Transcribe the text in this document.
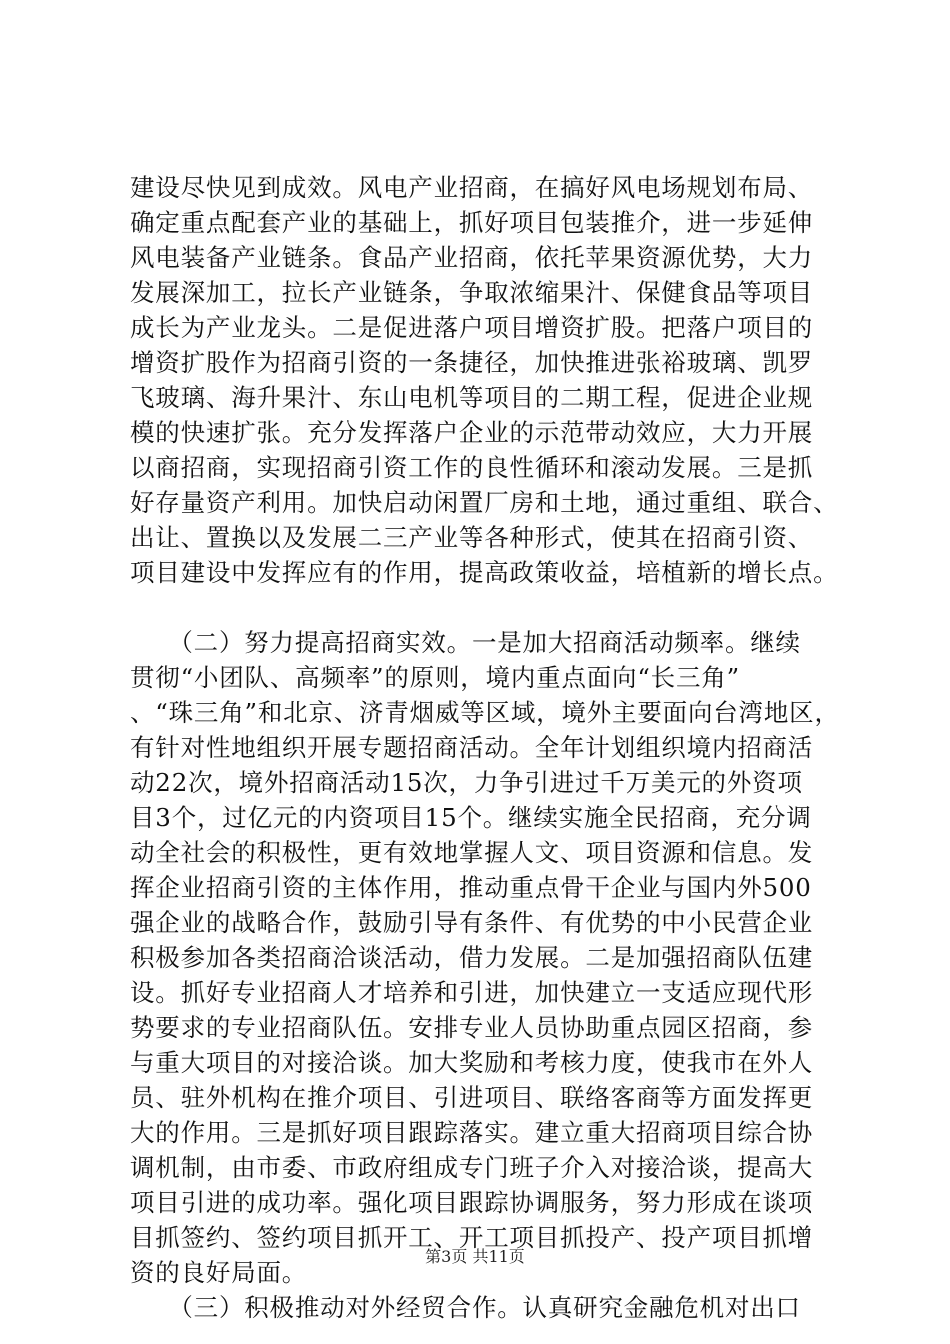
建设尽快见到成效。风电产业招商，在搞好风电场规划布局、
确定重点配套产业的基础上，抓好项目包装推介，进一步延伸
风电装备产业链条。食品产业招商，依托苹果资源优势，大力
发展深加工，拉长产业链条，争取浓缩果汁、保健食品等项目
成长为产业龙头。二是促进落户项目增资扩股。把落户项目的
增资扩股作为招商引资的一条捷径，加快推进张裕玻璃、凯罗
飞玻璃、海升果汁、东山电机等项目的二期工程，促进企业规
模的快速扩张。充分发挥落户企业的示范带动效应，大力开展
以商招商，实现招商引资工作的良性循环和滚动发展。三是抓
好存量资产利用。加快启动闲置厂房和土地，通过重组、联合、
出让、置换以及发展二三产业等各种形式，使其在招商引资、
项目建设中发挥应有的作用，提高政策收益，培植新的增长点。
　　（二）努力提高招商实效。一是加大招商活动频率。继续
贯彻“小团队、高频率”的原则，境内重点面向“长三角”
、“珠三角”和北京、济青烟威等区域，境外主要面向台湾地区，
有针对性地组织开展专题招商活动。全年计划组织境内招商活
动22次，境外招商活动15次，力争引进过千万美元的外资项
目3个，过亿元的内资项目15个。继续实施全民招商，充分调
动全社会的积极性，更有效地掌握人文、项目资源和信息。发
挥企业招商引资的主体作用，推动重点骨干企业与国内外500
强企业的战略合作，鼓励引导有条件、有优势的中小民营企业
积极参加各类招商洽谈活动，借力发展。二是加强招商队伍建
设。抓好专业招商人才培养和引进，加快建立一支适应现代形
势要求的专业招商队伍。安排专业人员协助重点园区招商，参
与重大项目的对接洽谈。加大奖励和考核力度，使我市在外人
员、驻外机构在推介项目、引进项目、联络客商等方面发挥更
大的作用。三是抓好项目跟踪落实。建立重大招商项目综合协
调机制，由市委、市政府组成专门班子介入对接洽谈，提高大
项目引进的成功率。强化项目跟踪协调服务，努力形成在谈项
目抓签约、签约项目抓开工、开工项目抓投产、投产项目抓增
资的良好局面。
　　（三）积极推动对外经贸合作。认真研究金融危机对出口
第3页 共11页
